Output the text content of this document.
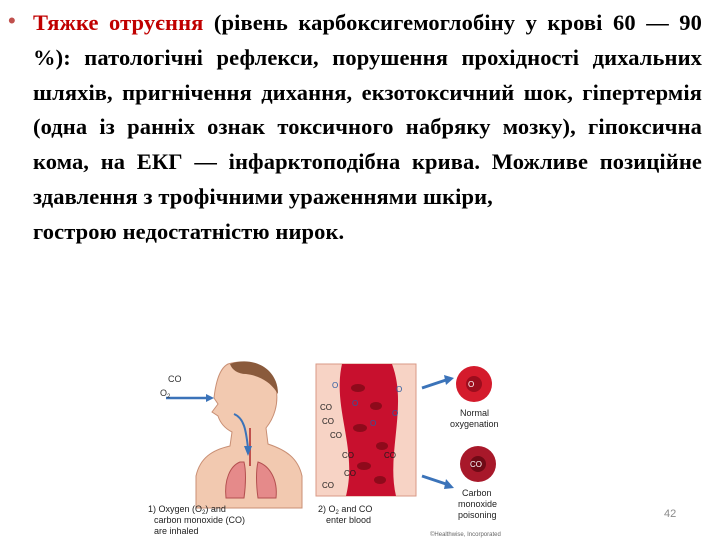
• Тяжке отруєння (рівень карбоксигемоглобіну у крові 60 — 90 %): патологічні рефлекси, порушення прохідності дихальних шляхів, пригнічення дихання, екзотоксичний шок, гіпертермія (одна із ранніх ознак токсичного набряку мозку), гіпоксична кома, на ЕКГ — інфарктоподібна крива. Можливе позиційне здавлення з трофічними ураженнями шкіри,
гострою недостатністю нирок.
CO
$O_2$
1) Oxygen $(O_2)$ and carbon monoxide (CO) are inhaled
CO
CO
CO
CO	CO
CO
CO
O
O
O
O
O
2) $O_2$ and CO enter blood
O
Normal oxygenation
CO
Carbon monoxide poisoning
©Healthwise, Incorporated
42
